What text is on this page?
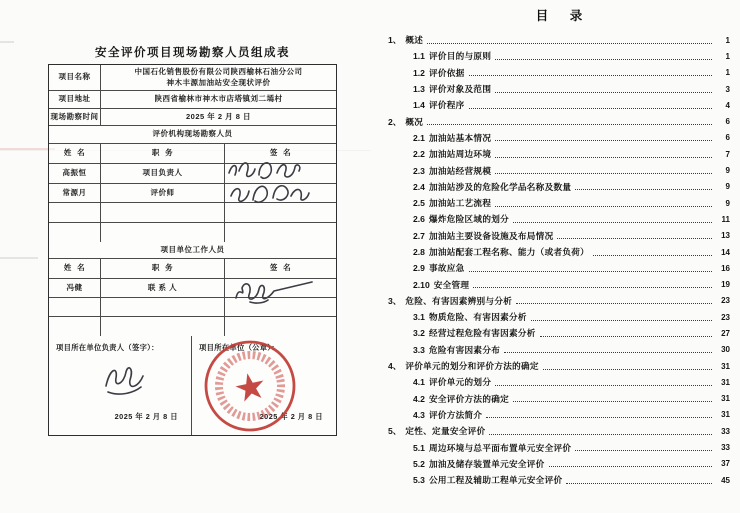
安全评价项目现场勘察人员组成表
项目名称
中国石化销售股份有限公司陕西榆林石油分公司
神木丰源加油站安全现状评价
项目地址	陕西省榆林市神木市店塔镇刘二墕村
现场勘察时间	2025 年 2 月 8 日
评价机构现场勘察人员
姓  名	职  务	签  名
高振恒	项目负责人
常源月	评价师
项目单位工作人员
姓  名	职  务	签  名
冯健	联 系 人
项目所在单位负责人（签字）：
2025 年 2 月 8 日
项目所在单位（公章）：
2025 年 2 月 8 日
目 录
1、 概述	1
1.1 评价目的与原则	1
1.2 评价依据	1
1.3 评价对象及范围	3
1.4 评价程序	4
2、 概况	6
2.1 加油站基本情况	6
2.2 加油站周边环境	7
2.3 加油站经营规模	9
2.4 加油站涉及的危险化学品名称及数量	9
2.5 加油站工艺流程	9
2.6 爆炸危险区域的划分	11
2.7 加油站主要设备设施及布局情况	13
2.8 加油站配套工程名称、能力（或者负荷）	14
2.9 事故应急	16
2.10 安全管理	19
3、 危险、有害因素辨别与分析	23
3.1 物质危险、有害因素分析	23
3.2 经营过程危险有害因素分析	27
3.3 危险有害因素分布	30
4、 评价单元的划分和评价方法的确定	31
4.1 评价单元的划分	31
4.2 安全评价方法的确定	31
4.3 评价方法简介	31
5、 定性、定量安全评价	33
5.1 周边环境与总平面布置单元安全评价	33
5.2 加油及储存装置单元安全评价	37
5.3 公用工程及辅助工程单元安全评价	45
